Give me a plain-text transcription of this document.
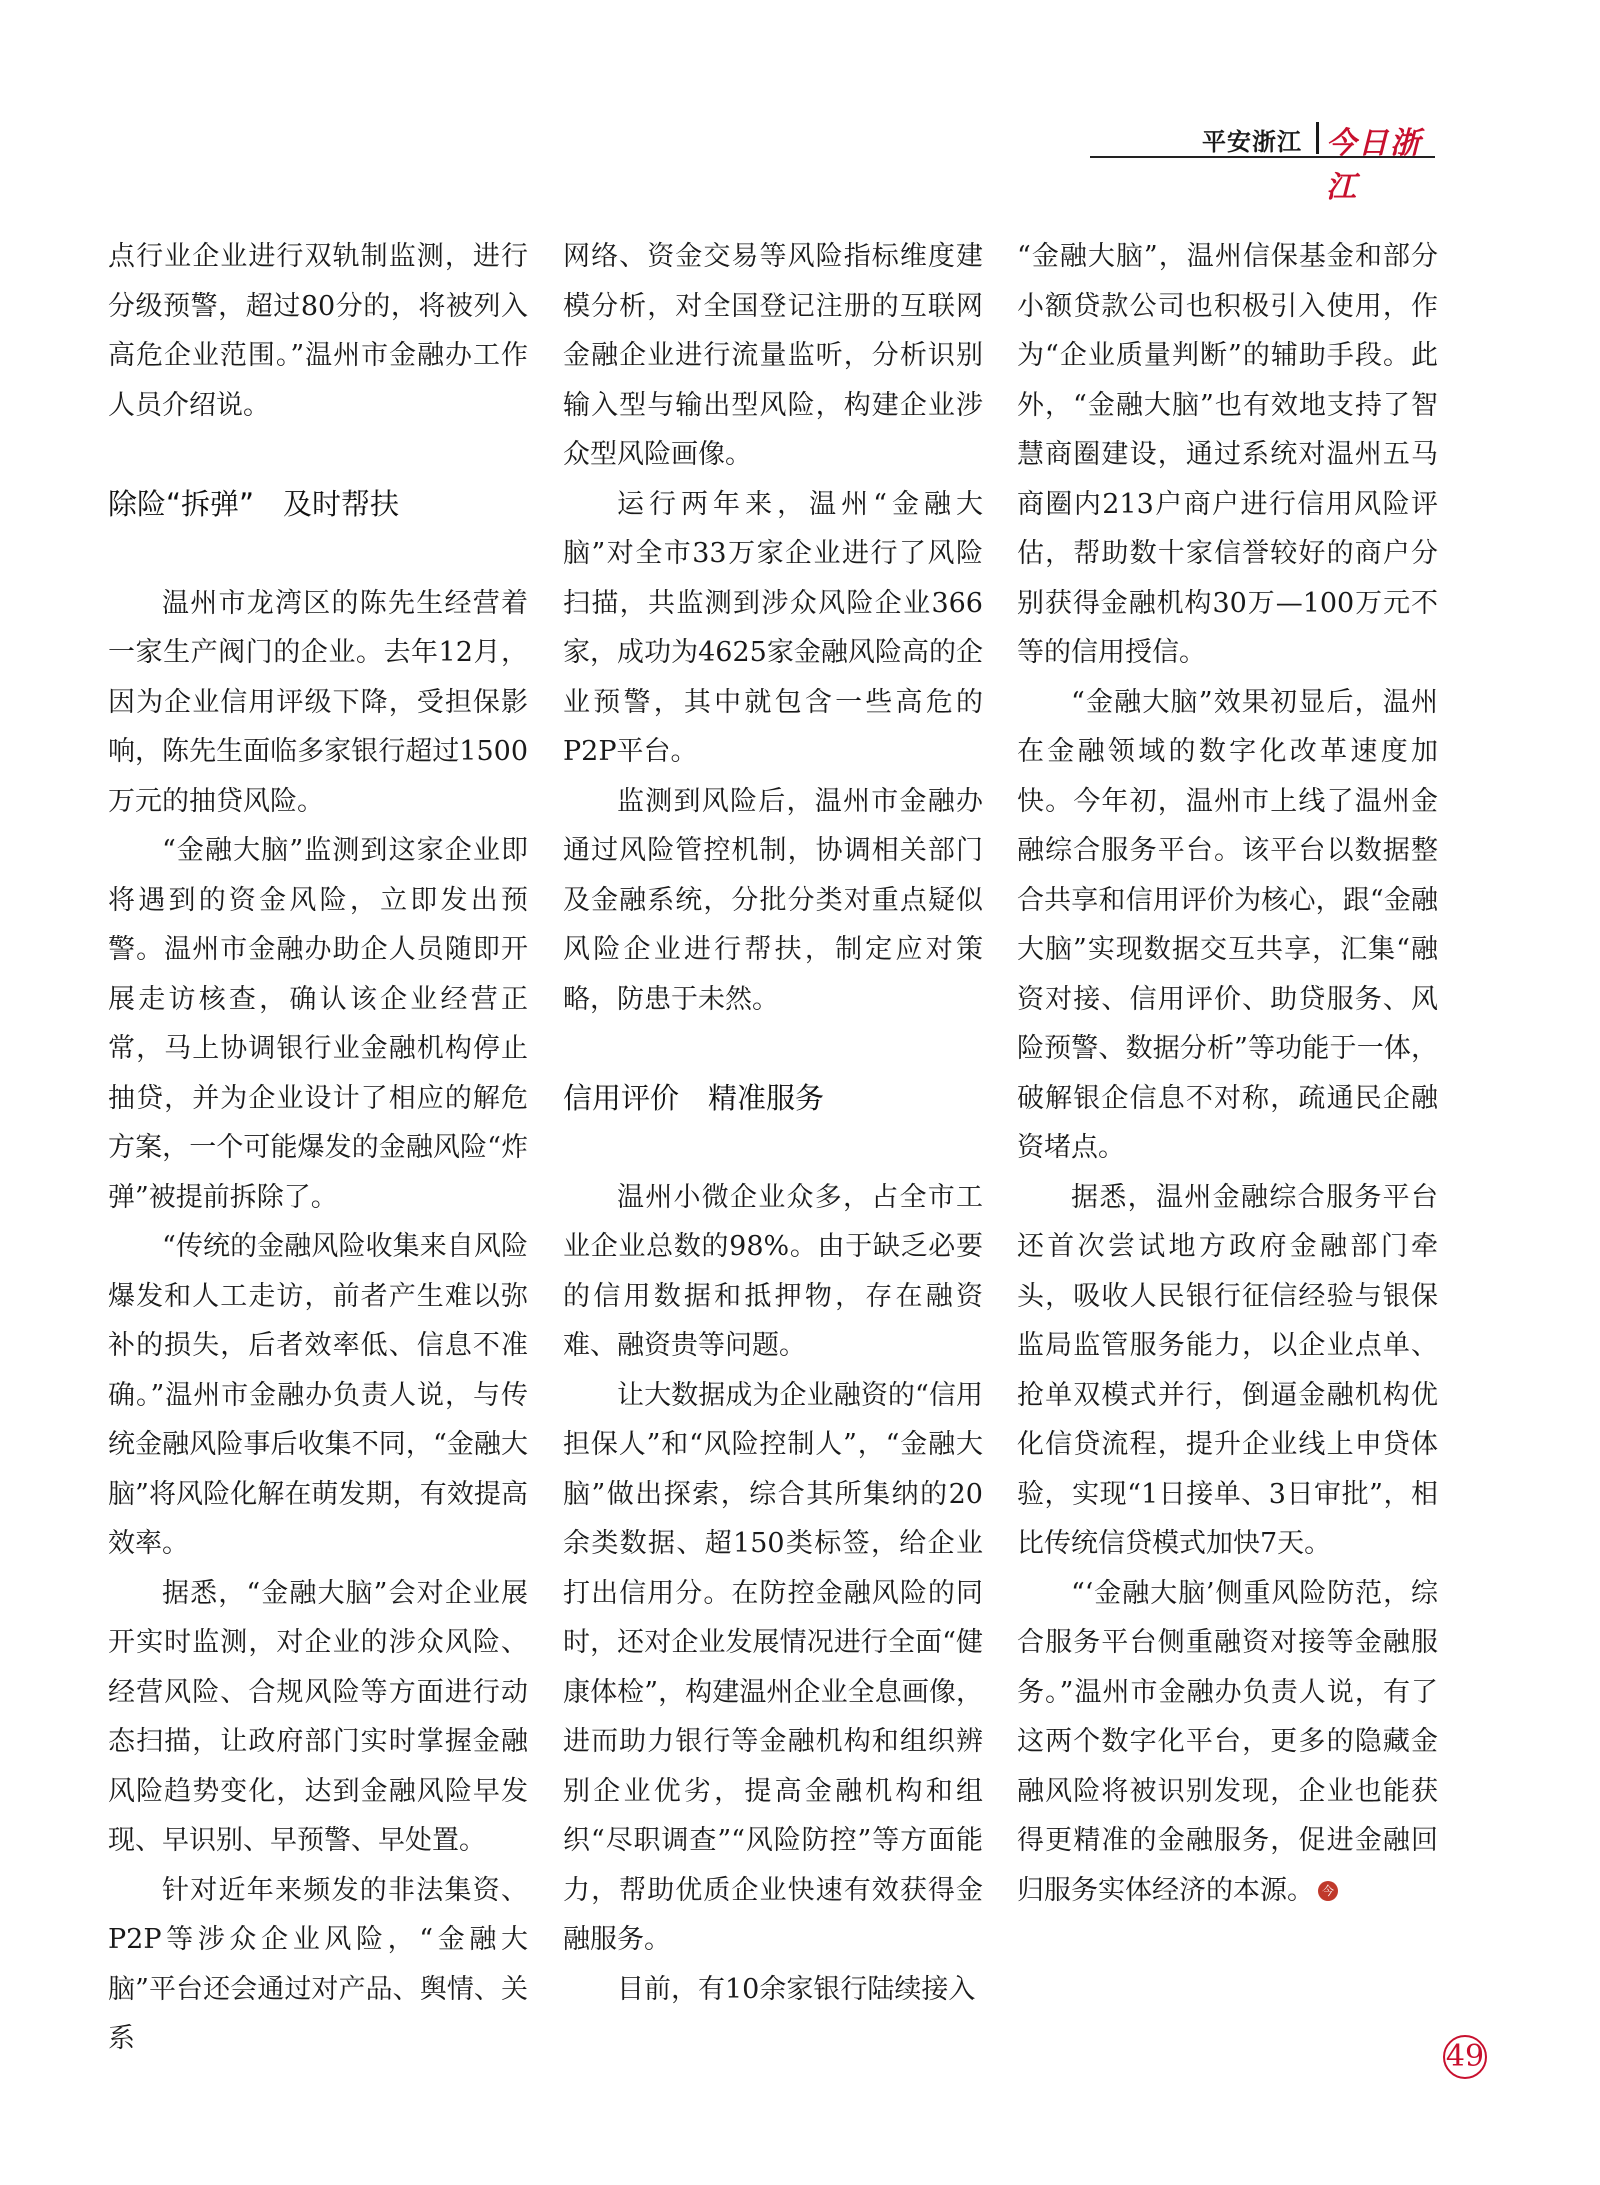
平安浙江 今日浙江

点行业企业进行双轨制监测，进行分级预警，超过80分的，将被列入高危企业范围。”温州市金融办工作人员介绍说。

除险“拆弹”　及时帮扶

温州市龙湾区的陈先生经营着一家生产阀门的企业。去年12月，因为企业信用评级下降，受担保影响，陈先生面临多家银行超过1500万元的抽贷风险。

“金融大脑”监测到这家企业即将遇到的资金风险，立即发出预警。温州市金融办助企人员随即开展走访核查，确认该企业经营正常，马上协调银行业金融机构停止抽贷，并为企业设计了相应的解危方案，一个可能爆发的金融风险“炸弹”被提前拆除了。

“传统的金融风险收集来自风险爆发和人工走访，前者产生难以弥补的损失，后者效率低、信息不准确。”温州市金融办负责人说，与传统金融风险事后收集不同，“金融大脑”将风险化解在萌发期，有效提高效率。

据悉，“金融大脑”会对企业展开实时监测，对企业的涉众风险、经营风险、合规风险等方面进行动态扫描，让政府部门实时掌握金融风险趋势变化，达到金融风险早发现、早识别、早预警、早处置。

针对近年来频发的非法集资、P2P等涉众企业风险，“金融大脑”平台还会通过对产品、舆情、关系

网络、资金交易等风险指标维度建模分析，对全国登记注册的互联网金融企业进行流量监听，分析识别输入型与输出型风险，构建企业涉众型风险画像。

运行两年来，温州“金融大脑”对全市33万家企业进行了风险扫描，共监测到涉众风险企业366家，成功为4625家金融风险高的企业预警，其中就包含一些高危的P2P平台。

监测到风险后，温州市金融办通过风险管控机制，协调相关部门及金融系统，分批分类对重点疑似风险企业进行帮扶，制定应对策略，防患于未然。

信用评价　精准服务

温州小微企业众多，占全市工业企业总数的98%。由于缺乏必要的信用数据和抵押物，存在融资难、融资贵等问题。

让大数据成为企业融资的“信用担保人”和“风险控制人”，“金融大脑”做出探索，综合其所集纳的20余类数据、超150类标签，给企业打出信用分。在防控金融风险的同时，还对企业发展情况进行全面“健康体检”，构建温州企业全息画像，进而助力银行等金融机构和组织辨别企业优劣，提高金融机构和组织“尽职调查”“风险防控”等方面能力，帮助优质企业快速有效获得金融服务。

目前，有10余家银行陆续接入

“金融大脑”，温州信保基金和部分小额贷款公司也积极引入使用，作为“企业质量判断”的辅助手段。此外，“金融大脑”也有效地支持了智慧商圈建设，通过系统对温州五马商圈内213户商户进行信用风险评估，帮助数十家信誉较好的商户分别获得金融机构30万—100万元不等的信用授信。

“金融大脑”效果初显后，温州在金融领域的数字化改革速度加快。今年初，温州市上线了温州金融综合服务平台。该平台以数据整合共享和信用评价为核心，跟“金融大脑”实现数据交互共享，汇集“融资对接、信用评价、助贷服务、风险预警、数据分析”等功能于一体，破解银企信息不对称，疏通民企融资堵点。

据悉，温州金融综合服务平台还首次尝试地方政府金融部门牵头，吸收人民银行征信经验与银保监局监管服务能力，以企业点单、抢单双模式并行，倒逼金融机构优化信贷流程，提升企业线上申贷体验，实现“1日接单、3日审批”，相比传统信贷模式加快7天。

“‘金融大脑’侧重风险防范，综合服务平台侧重融资对接等金融服务。”温州市金融办负责人说，有了这两个数字化平台，更多的隐藏金融风险将被识别发现，企业也能获得更精准的金融服务，促进金融回归服务实体经济的本源。 今

49
